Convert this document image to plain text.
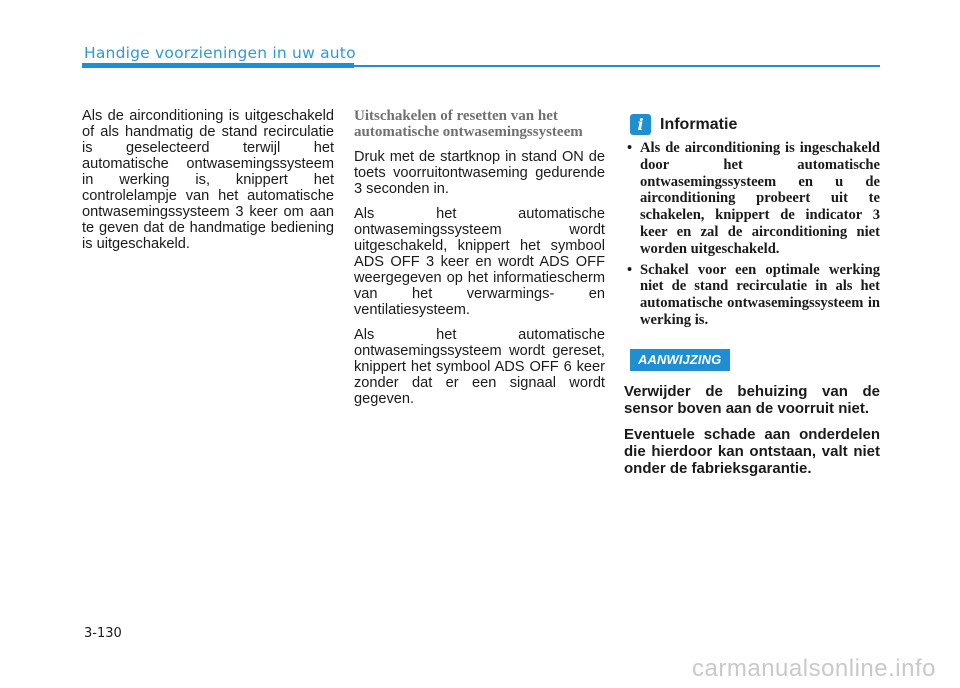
Handige voorzieningen in uw auto

Als de airconditioning is uitgeschakeld of als handmatig de stand recirculatie is geselecteerd terwijl het automatische ontwasemingssysteem in werking is, knippert het controlelampje van het automatische ontwasemingssysteem 3 keer om aan te geven dat de handmatige bediening is uitgeschakeld.

Uitschakelen of resetten van het automatische ontwasemingssysteem

Druk met de startknop in stand ON de toets voorruitontwaseming gedurende 3 seconden in.

Als het automatische ontwasemingssysteem wordt uitgeschakeld, knippert het symbool ADS OFF 3 keer en wordt ADS OFF weergegeven op het informatiescherm van het verwarmings- en ventilatiesysteem.

Als het automatische ontwasemingssysteem wordt gereset, knippert het symbool ADS OFF 6 keer zonder dat er een signaal wordt gegeven.

i	Informatie
• Als de airconditioning is ingeschakeld door het automatische ontwasemingssysteem en u de airconditioning probeert uit te schakelen, knippert de indicator 3 keer en zal de airconditioning niet worden uitgeschakeld.
• Schakel voor een optimale werking niet de stand recirculatie in als het automatische ontwasemingssysteem in werking is.
AANWIJZING

Verwijder de behuizing van de sensor boven aan de voorruit niet.

Eventuele schade aan onderdelen die hierdoor kan ontstaan, valt niet onder de fabrieksgarantie.

3-130
carmanualsonline.info
